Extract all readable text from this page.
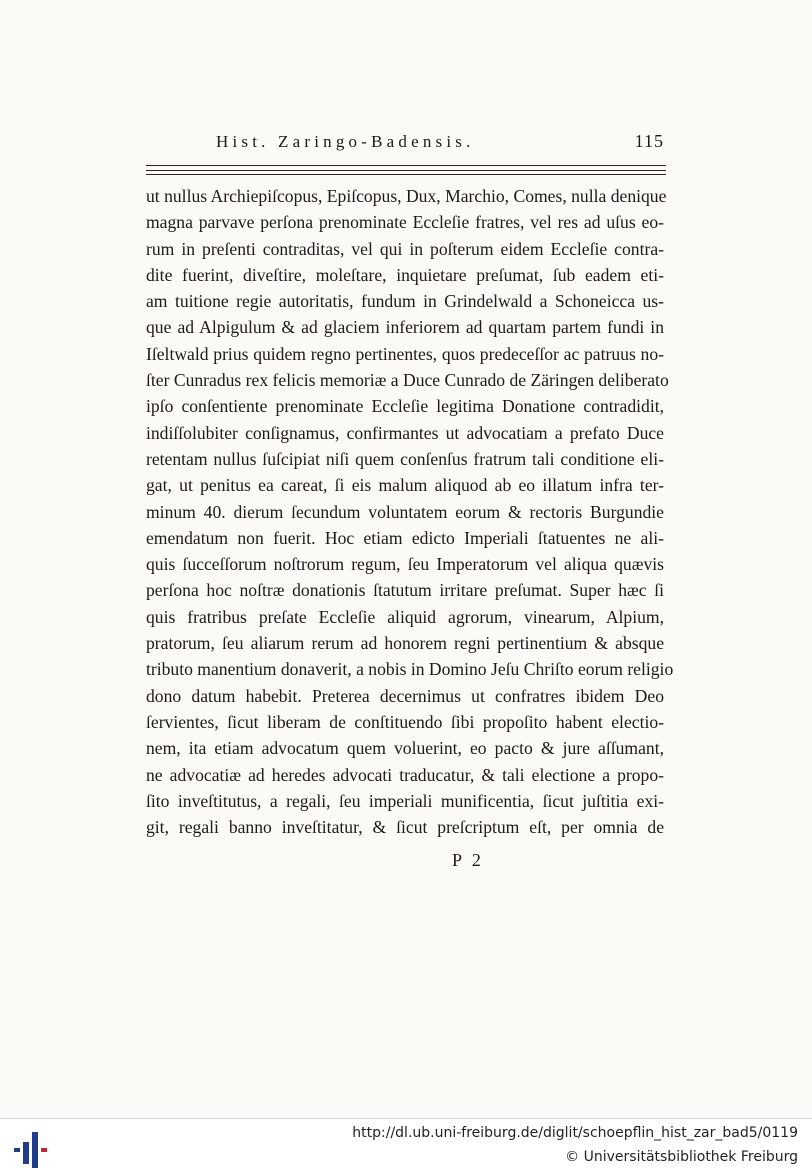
Hist. Zaringo-Badensis.	115
ut nullus Archiepiſcopus, Epiſcopus, Dux, Marchio, Comes, nulla denique
magna parvave perſona prenominate Eccleſie fratres, vel res ad uſus eo-
rum in preſenti contraditas, vel qui in poſterum eidem Eccleſie contra-
dite fuerint, diveſtire, moleſtare, inquietare preſumat, ſub eadem eti-
am tuitione regie autoritatis, fundum in Grindelwald a Schoneicca us-
que ad Alpigulum & ad glaciem inferiorem ad quartam partem fundi in
Iſeltwald prius quidem regno pertinentes, quos predeceſſor ac patruus no-
ſter Cunradus rex felicis memoriæ a Duce Cunrado de Zäringen deliberato
ipſo conſentiente prenominate Eccleſie legitima Donatione contradidit,
indiſſolubiter conſignamus, confirmantes ut advocatiam a prefato Duce
retentam nullus ſuſcipiat niſi quem conſenſus fratrum tali conditione eli-
gat, ut penitus ea careat, ſi eis malum aliquod ab eo illatum infra ter-
minum 40. dierum ſecundum voluntatem eorum & rectoris Burgundie
emendatum non fuerit. Hoc etiam edicto Imperiali ſtatuentes ne ali-
quis ſucceſſorum noſtrorum regum, ſeu Imperatorum vel aliqua quævis
perſona hoc noſtræ donationis ſtatutum irritare preſumat. Super hæc ſi
quis fratribus preſate Eccleſie aliquid agrorum, vinearum, Alpium,
pratorum, ſeu aliarum rerum ad honorem regni pertinentium & absque
tributo manentium donaverit, a nobis in Domino Jeſu Chriſto eorum religio
dono datum habebit. Preterea decernimus ut confratres ibidem Deo
ſervientes, ſicut liberam de conſtituendo ſibi propoſito habent electio-
nem, ita etiam advocatum quem voluerint, eo pacto & jure aſſumant,
ne advocatiæ ad heredes advocati traducatur, & tali electione a propo-
ſito inveſtitutus, a regali, ſeu imperiali munificentia, ſicut juſtitia exi-
git, regali banno inveſtitatur, & ſicut preſcriptum eſt, per omnia de
P 2
http://dl.ub.uni-freiburg.de/diglit/schoepflin_hist_zar_bad5/0119
© Universitätsbibliothek Freiburg
